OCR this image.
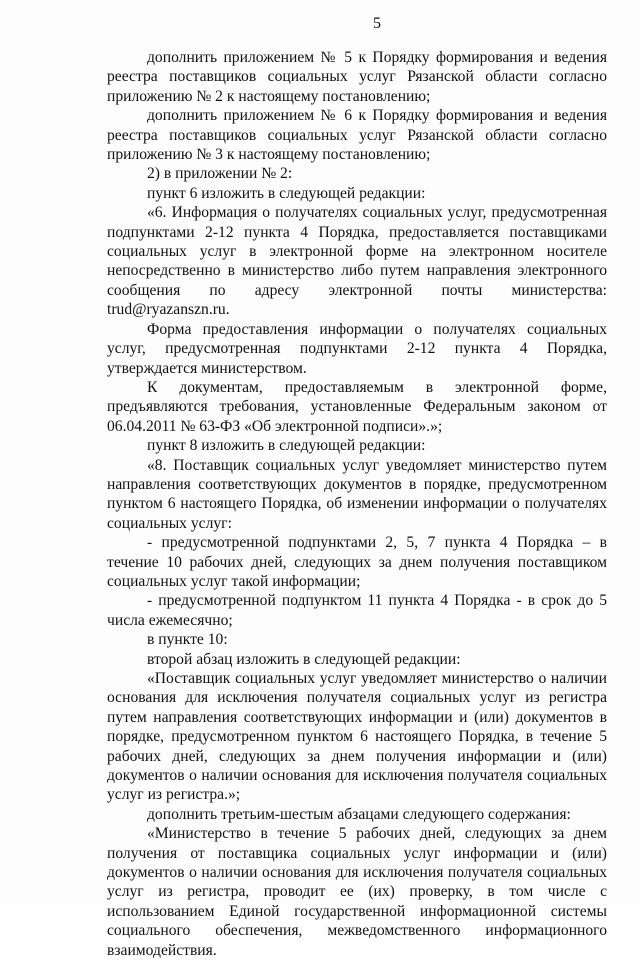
5

дополнить приложением № 5 к Порядку формирования и ведения реестра поставщиков социальных услуг Рязанской области согласно приложению № 2 к настоящему постановлению;

дополнить приложением № 6 к Порядку формирования и ведения реестра поставщиков социальных услуг Рязанской области согласно приложению № 3 к настоящему постановлению;

2) в приложении № 2:

пункт 6 изложить в следующей редакции:

«6. Информация о получателях социальных услуг, предусмотренная подпунктами 2-12 пункта 4 Порядка, предоставляется поставщиками социальных услуг в электронной форме на электронном носителе непосредственно в министерство либо путем направления электронного сообщения по адресу электронной почты министерства: trud@ryazanszn.ru.

Форма предоставления информации о получателях социальных услуг, предусмотренная подпунктами 2-12 пункта 4 Порядка, утверждается министерством.

К документам, предоставляемым в электронной форме, предъявляются требования, установленные Федеральным законом от 06.04.2011 № 63-ФЗ «Об электронной подписи».»;

пункт 8 изложить в следующей редакции:

«8. Поставщик социальных услуг уведомляет министерство путем направления соответствующих документов в порядке, предусмотренном пунктом 6 настоящего Порядка, об изменении информации о получателях социальных услуг:

- предусмотренной подпунктами 2, 5, 7 пункта 4 Порядка – в течение 10 рабочих дней, следующих за днем получения поставщиком социальных услуг такой информации;

- предусмотренной подпунктом 11 пункта 4 Порядка - в срок до 5 числа ежемесячно;

в пункте 10:

второй абзац изложить в следующей редакции:

«Поставщик социальных услуг уведомляет министерство о наличии основания для исключения получателя социальных услуг из регистра путем направления соответствующих информации и (или) документов в порядке, предусмотренном пунктом 6 настоящего Порядка, в течение 5 рабочих дней, следующих за днем получения информации и (или) документов о наличии основания для исключения получателя социальных услуг из регистра.»;

дополнить третьим-шестым абзацами следующего содержания:

«Министерство в течение 5 рабочих дней, следующих за днем получения от поставщика социальных услуг информации и (или) документов о наличии основания для исключения получателя социальных услуг из регистра, проводит ее (их) проверку, в том числе с использованием Единой государственной информационной системы социального обеспечения, межведомственного информационного взаимодействия.
